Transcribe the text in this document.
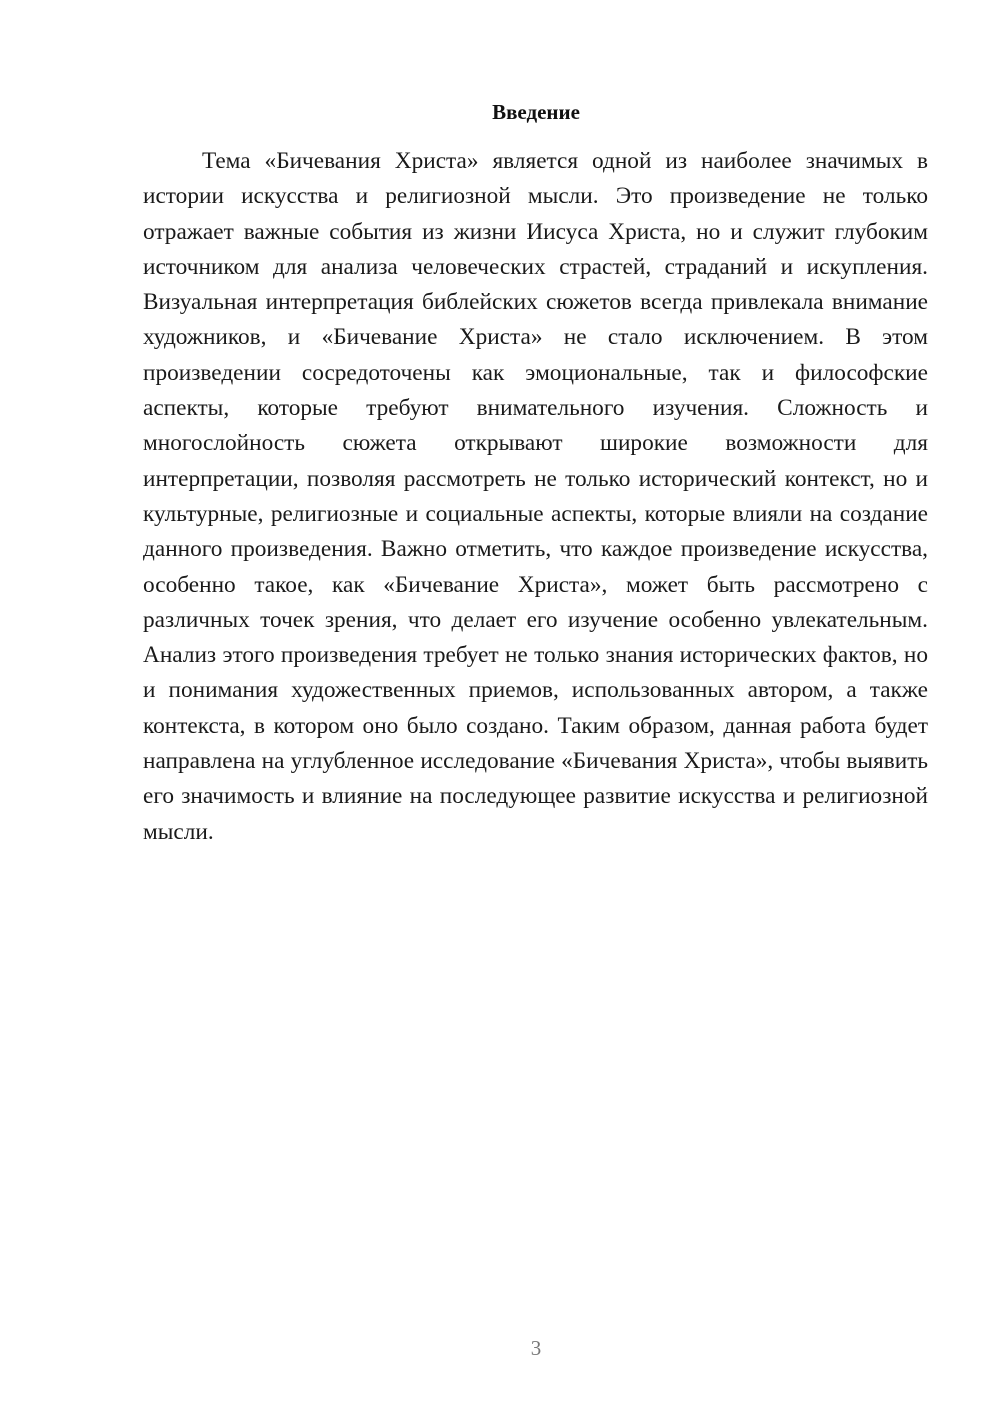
Введение

Тема «Бичевания Христа» является одной из наиболее значимых в истории искусства и религиозной мысли. Это произведение не только отражает важные события из жизни Иисуса Христа, но и служит глубоким источником для анализа человеческих страстей, страданий и искупления. Визуальная интерпретация библейских сюжетов всегда привлекала внимание художников, и «Бичевание Христа» не стало исключением. В этом произведении сосредоточены как эмоциональные, так и философские аспекты, которые требуют внимательного изучения. Сложность и многослойность сюжета открывают широкие возможности для интерпретации, позволяя рассмотреть не только исторический контекст, но и культурные, религиозные и социальные аспекты, которые влияли на создание данного произведения. Важно отметить, что каждое произведение искусства, особенно такое, как «Бичевание Христа», может быть рассмотрено с различных точек зрения, что делает его изучение особенно увлекательным. Анализ этого произведения требует не только знания исторических фактов, но и понимания художественных приемов, использованных автором, а также контекста, в котором оно было создано. Таким образом, данная работа будет направлена на углубленное исследование «Бичевания Христа», чтобы выявить его значимость и влияние на последующее развитие искусства и религиозной мысли.

3
